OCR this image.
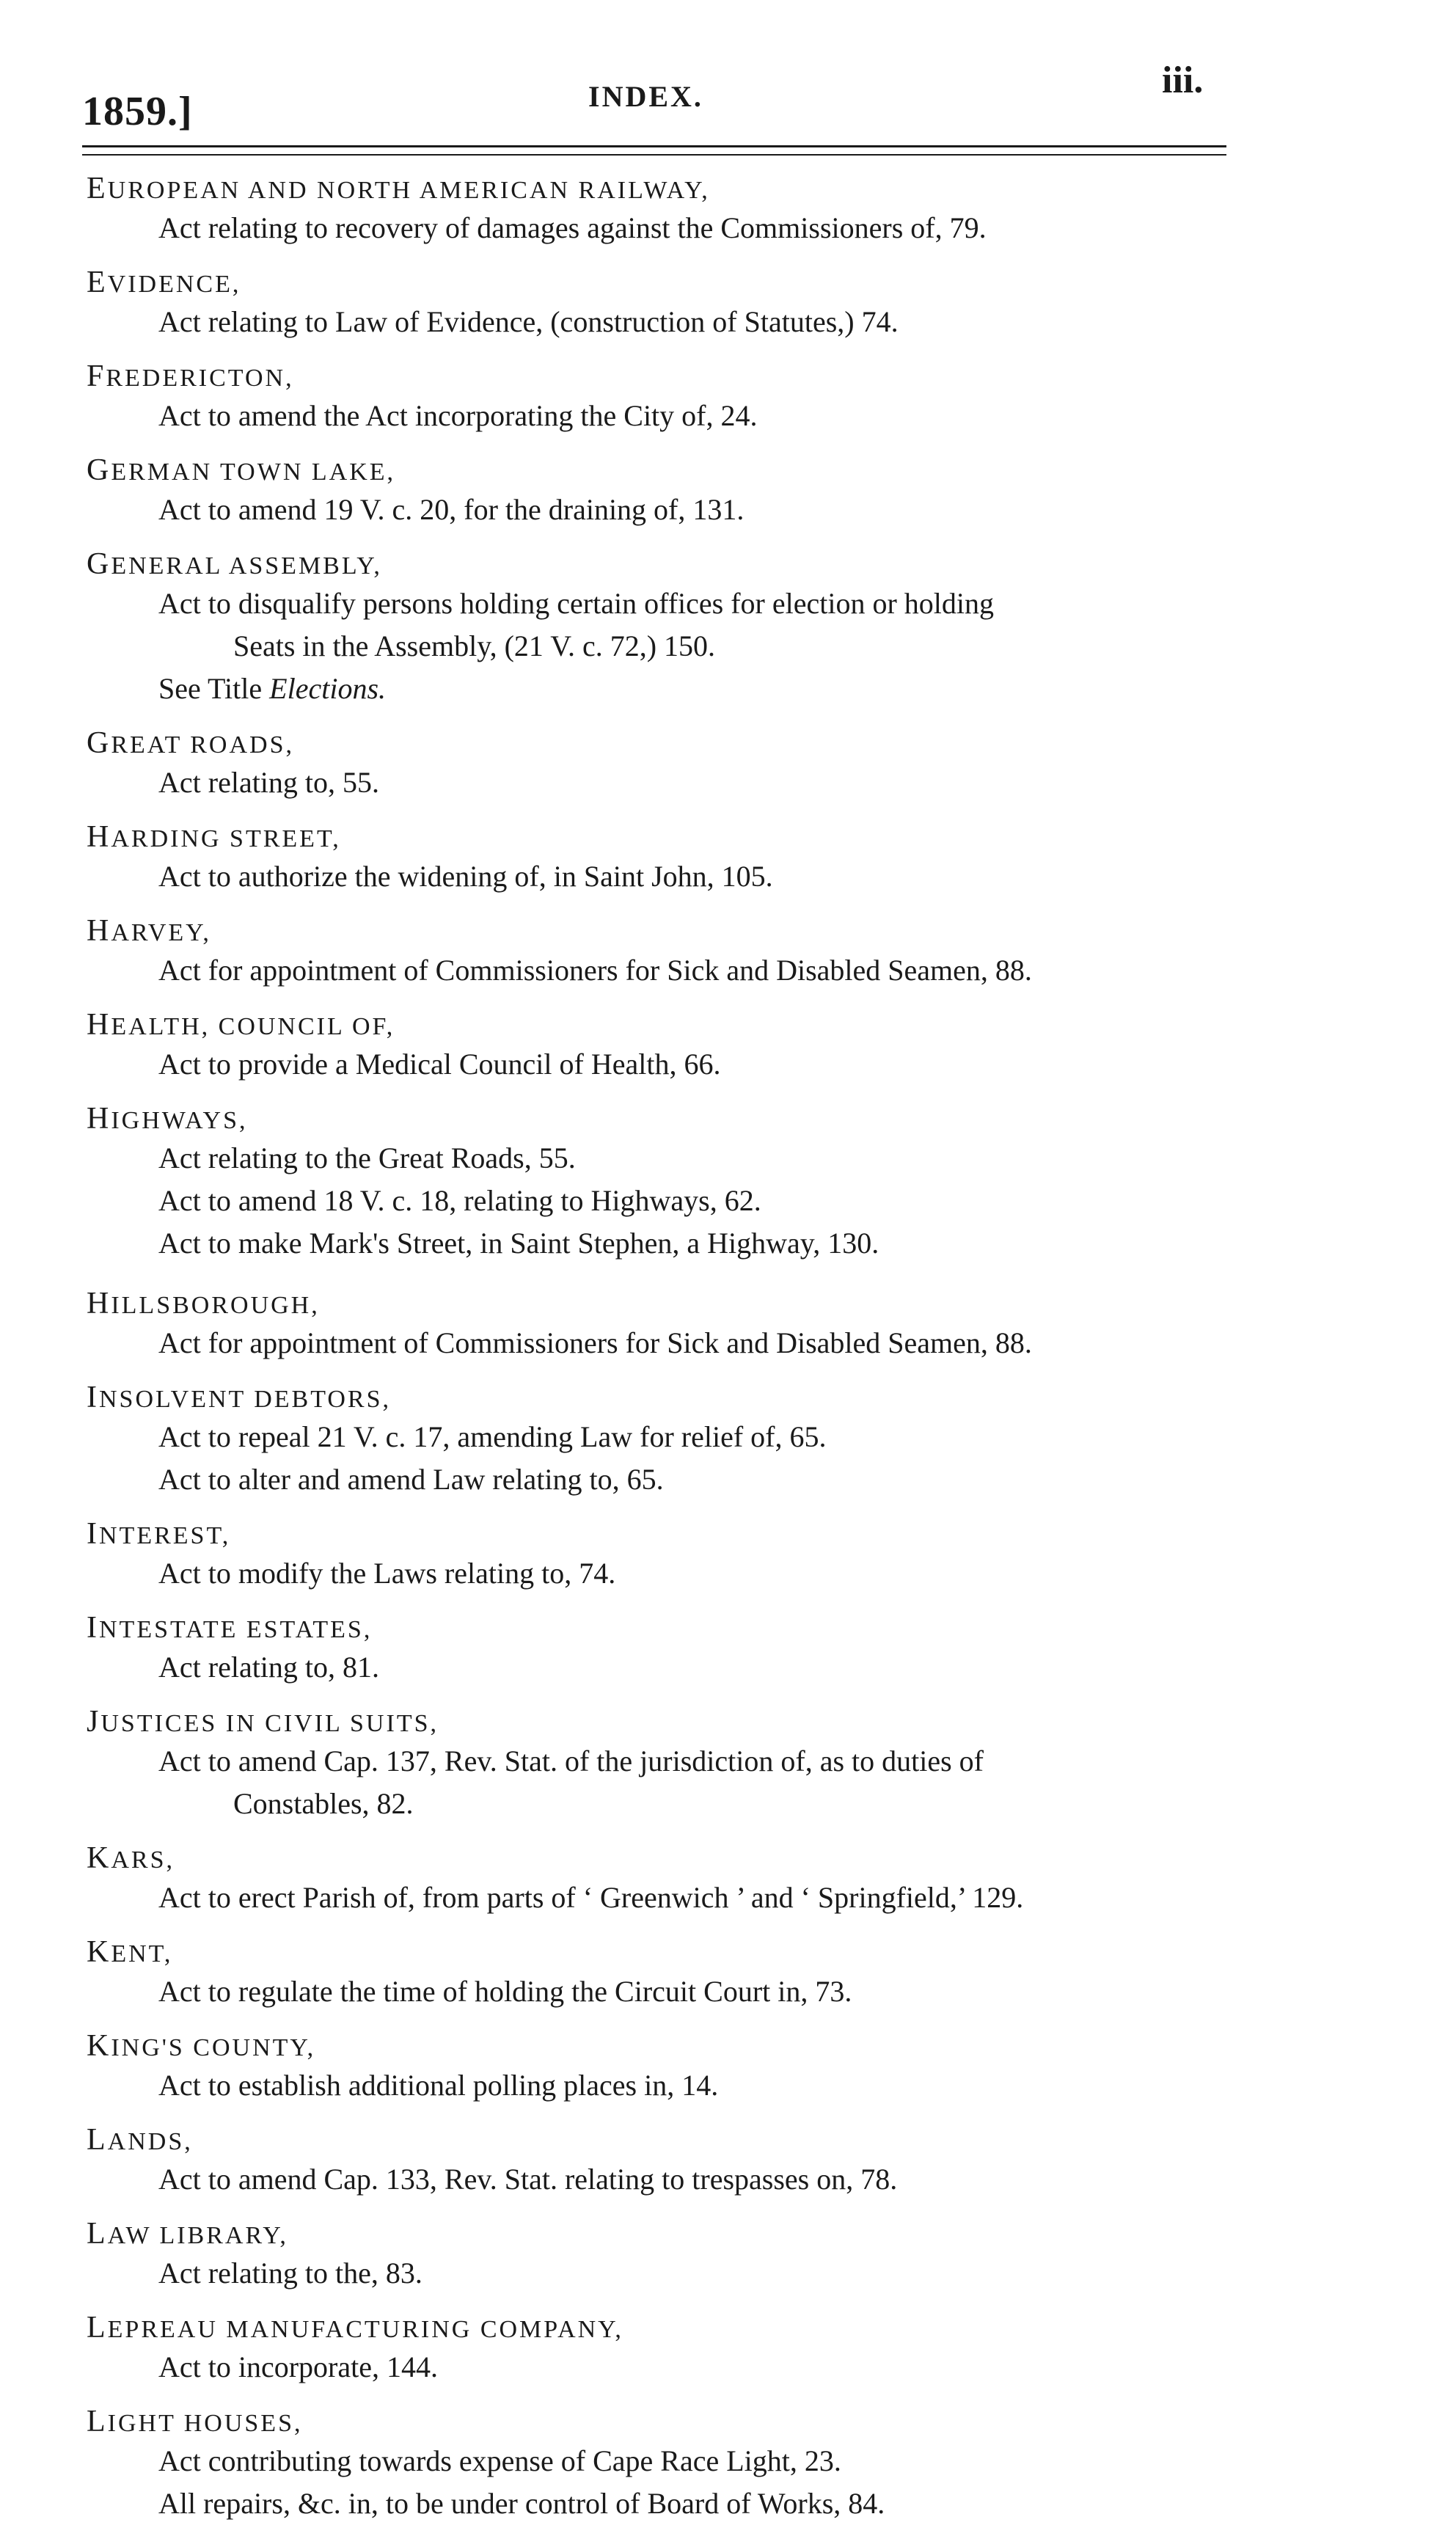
1859.]	INDEX.	iii.
EUROPEAN AND NORTH AMERICAN RAILWAY,
Act relating to recovery of damages against the Commissioners of, 79.
EVIDENCE,
Act relating to Law of Evidence, (construction of Statutes,) 74.
FREDERICTON,
Act to amend the Act incorporating the City of, 24.
GERMAN TOWN LAKE,
Act to amend 19 V. c. 20, for the draining of, 131.
GENERAL ASSEMBLY,
Act to disqualify persons holding certain offices for election or holding
Seats in the Assembly, (21 V. c. 72,) 150.
See Title Elections.
GREAT ROADS,
Act relating to, 55.
HARDING STREET,
Act to authorize the widening of, in Saint John, 105.
HARVEY,
Act for appointment of Commissioners for Sick and Disabled Seamen, 88.
HEALTH, COUNCIL OF,
Act to provide a Medical Council of Health, 66.
HIGHWAYS,
Act relating to the Great Roads, 55.
Act to amend 18 V. c. 18, relating to Highways, 62.
Act to make Mark's Street, in Saint Stephen, a Highway, 130.
HILLSBOROUGH,
Act for appointment of Commissioners for Sick and Disabled Seamen, 88.
INSOLVENT DEBTORS,
Act to repeal 21 V. c. 17, amending Law for relief of, 65.
Act to alter and amend Law relating to, 65.
INTEREST,
Act to modify the Laws relating to, 74.
INTESTATE ESTATES,
Act relating to, 81.
JUSTICES IN CIVIL SUITS,
Act to amend Cap. 137, Rev. Stat. of the jurisdiction of, as to duties of
Constables, 82.
KARS,
Act to erect Parish of, from parts of ‘ Greenwich ’ and ‘ Springfield,’ 129.
KENT,
Act to regulate the time of holding the Circuit Court in, 73.
KING'S COUNTY,
Act to establish additional polling places in, 14.
LANDS,
Act to amend Cap. 133, Rev. Stat. relating to trespasses on, 78.
LAW LIBRARY,
Act relating to the, 83.
LEPREAU MANUFACTURING COMPANY,
Act to incorporate, 144.
LIGHT HOUSES,
Act contributing towards expense of Cape Race Light, 23.
All repairs, &c. in, to be under control of Board of Works, 84.
